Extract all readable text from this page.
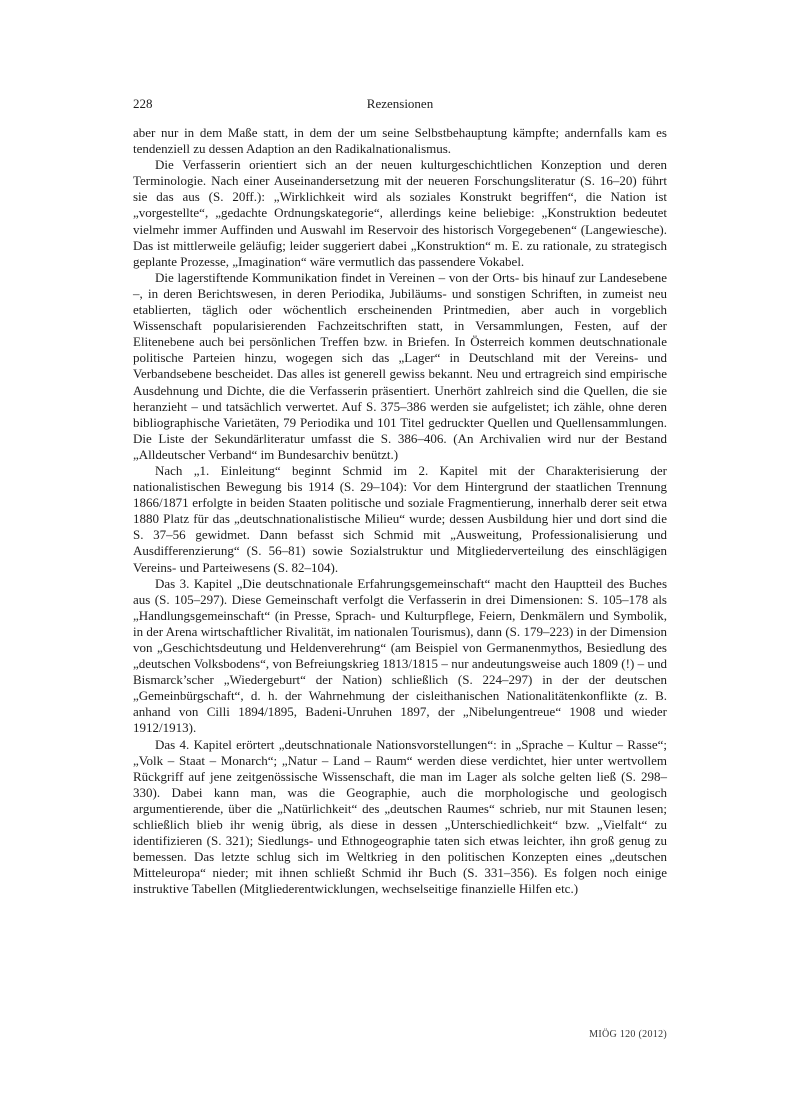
228	Rezensionen

aber nur in dem Maße statt, in dem der um seine Selbstbehauptung kämpfte; andernfalls kam es tendenziell zu dessen Adaption an den Radikalnationalismus.

Die Verfasserin orientiert sich an der neuen kulturgeschichtlichen Konzeption und deren Terminologie. Nach einer Auseinandersetzung mit der neueren Forschungsliteratur (S. 16–20) führt sie das aus (S. 20ff.): „Wirklichkeit wird als soziales Konstrukt begriffen“, die Nation ist „vorgestellte“, „gedachte Ordnungskategorie“, allerdings keine beliebige: „Konstruktion bedeutet vielmehr immer Auffinden und Auswahl im Reservoir des historisch Vorgegebenen“ (Langewiesche). Das ist mittlerweile geläufig; leider suggeriert dabei „Konstruktion“ m. E. zu rationale, zu strategisch geplante Prozesse, „Imagination“ wäre vermutlich das passendere Vokabel.

Die lagerstiftende Kommunikation findet in Vereinen – von der Orts- bis hinauf zur Landesebene –, in deren Berichtswesen, in deren Periodika, Jubiläums- und sonstigen Schriften, in zumeist neu etablierten, täglich oder wöchentlich erscheinenden Printmedien, aber auch in vorgeblich Wissenschaft popularisierenden Fachzeitschriften statt, in Versammlungen, Festen, auf der Elitenebene auch bei persönlichen Treffen bzw. in Briefen. In Österreich kommen deutschnationale politische Parteien hinzu, wogegen sich das „Lager“ in Deutschland mit der Vereins- und Verbandsebene bescheidet. Das alles ist generell gewiss bekannt. Neu und ertragreich sind empirische Ausdehnung und Dichte, die die Verfasserin präsentiert. Unerhört zahlreich sind die Quellen, die sie heranzieht – und tatsächlich verwertet. Auf S. 375–386 werden sie aufgelistet; ich zähle, ohne deren bibliographische Varietäten, 79 Periodika und 101 Titel gedruckter Quellen und Quellensammlungen. Die Liste der Sekundärliteratur umfasst die S. 386–406. (An Archivalien wird nur der Bestand „Alldeutscher Verband“ im Bundesarchiv benützt.)

Nach „1. Einleitung“ beginnt Schmid im 2. Kapitel mit der Charakterisierung der nationalistischen Bewegung bis 1914 (S. 29–104): Vor dem Hintergrund der staatlichen Trennung 1866/1871 erfolgte in beiden Staaten politische und soziale Fragmentierung, innerhalb derer seit etwa 1880 Platz für das „deutschnationalistische Milieu“ wurde; dessen Ausbildung hier und dort sind die S. 37–56 gewidmet. Dann befasst sich Schmid mit „Ausweitung, Professionalisierung und Ausdifferenzierung“ (S. 56–81) sowie Sozialstruktur und Mitgliederverteilung des einschlägigen Vereins- und Parteiwesens (S. 82–104).

Das 3. Kapitel „Die deutschnationale Erfahrungsgemeinschaft“ macht den Hauptteil des Buches aus (S. 105–297). Diese Gemeinschaft verfolgt die Verfasserin in drei Dimensionen: S. 105–178 als „Handlungsgemeinschaft“ (in Presse, Sprach- und Kulturpflege, Feiern, Denkmälern und Symbolik, in der Arena wirtschaftlicher Rivalität, im nationalen Tourismus), dann (S. 179–223) in der Dimension von „Geschichtsdeutung und Heldenverehrung“ (am Beispiel von Germanenmythos, Besiedlung des „deutschen Volksbodens“, von Befreiungskrieg 1813/1815 – nur andeutungsweise auch 1809 (!) – und Bismarck’scher „Wiedergeburt“ der Nation) schließlich (S. 224–297) in der der deutschen „Gemeinbürgschaft“, d. h. der Wahrnehmung der cisleithanischen Nationalitätenkonflikte (z. B. anhand von Cilli 1894/1895, Badeni-Unruhen 1897, der „Nibelungentreue“ 1908 und wieder 1912/1913).

Das 4. Kapitel erörtert „deutschnationale Nationsvorstellungen“: in „Sprache – Kultur – Rasse“; „Volk – Staat – Monarch“; „Natur – Land – Raum“ werden diese verdichtet, hier unter wertvollem Rückgriff auf jene zeitgenössische Wissenschaft, die man im Lager als solche gelten ließ (S. 298–330). Dabei kann man, was die Geographie, auch die morphologische und geologisch argumentierende, über die „Natürlichkeit“ des „deutschen Raumes“ schrieb, nur mit Staunen lesen; schließlich blieb ihr wenig übrig, als diese in dessen „Unterschiedlichkeit“ bzw. „Vielfalt“ zu identifizieren (S. 321); Siedlungs- und Ethnogeographie taten sich etwas leichter, ihn groß genug zu bemessen. Das letzte schlug sich im Weltkrieg in den politischen Konzepten eines „deutschen Mitteleuropa“ nieder; mit ihnen schließt Schmid ihr Buch (S. 331–356). Es folgen noch einige instruktive Tabellen (Mitgliederentwicklungen, wechselseitige finanzielle Hilfen etc.)

MIÖG 120 (2012)
